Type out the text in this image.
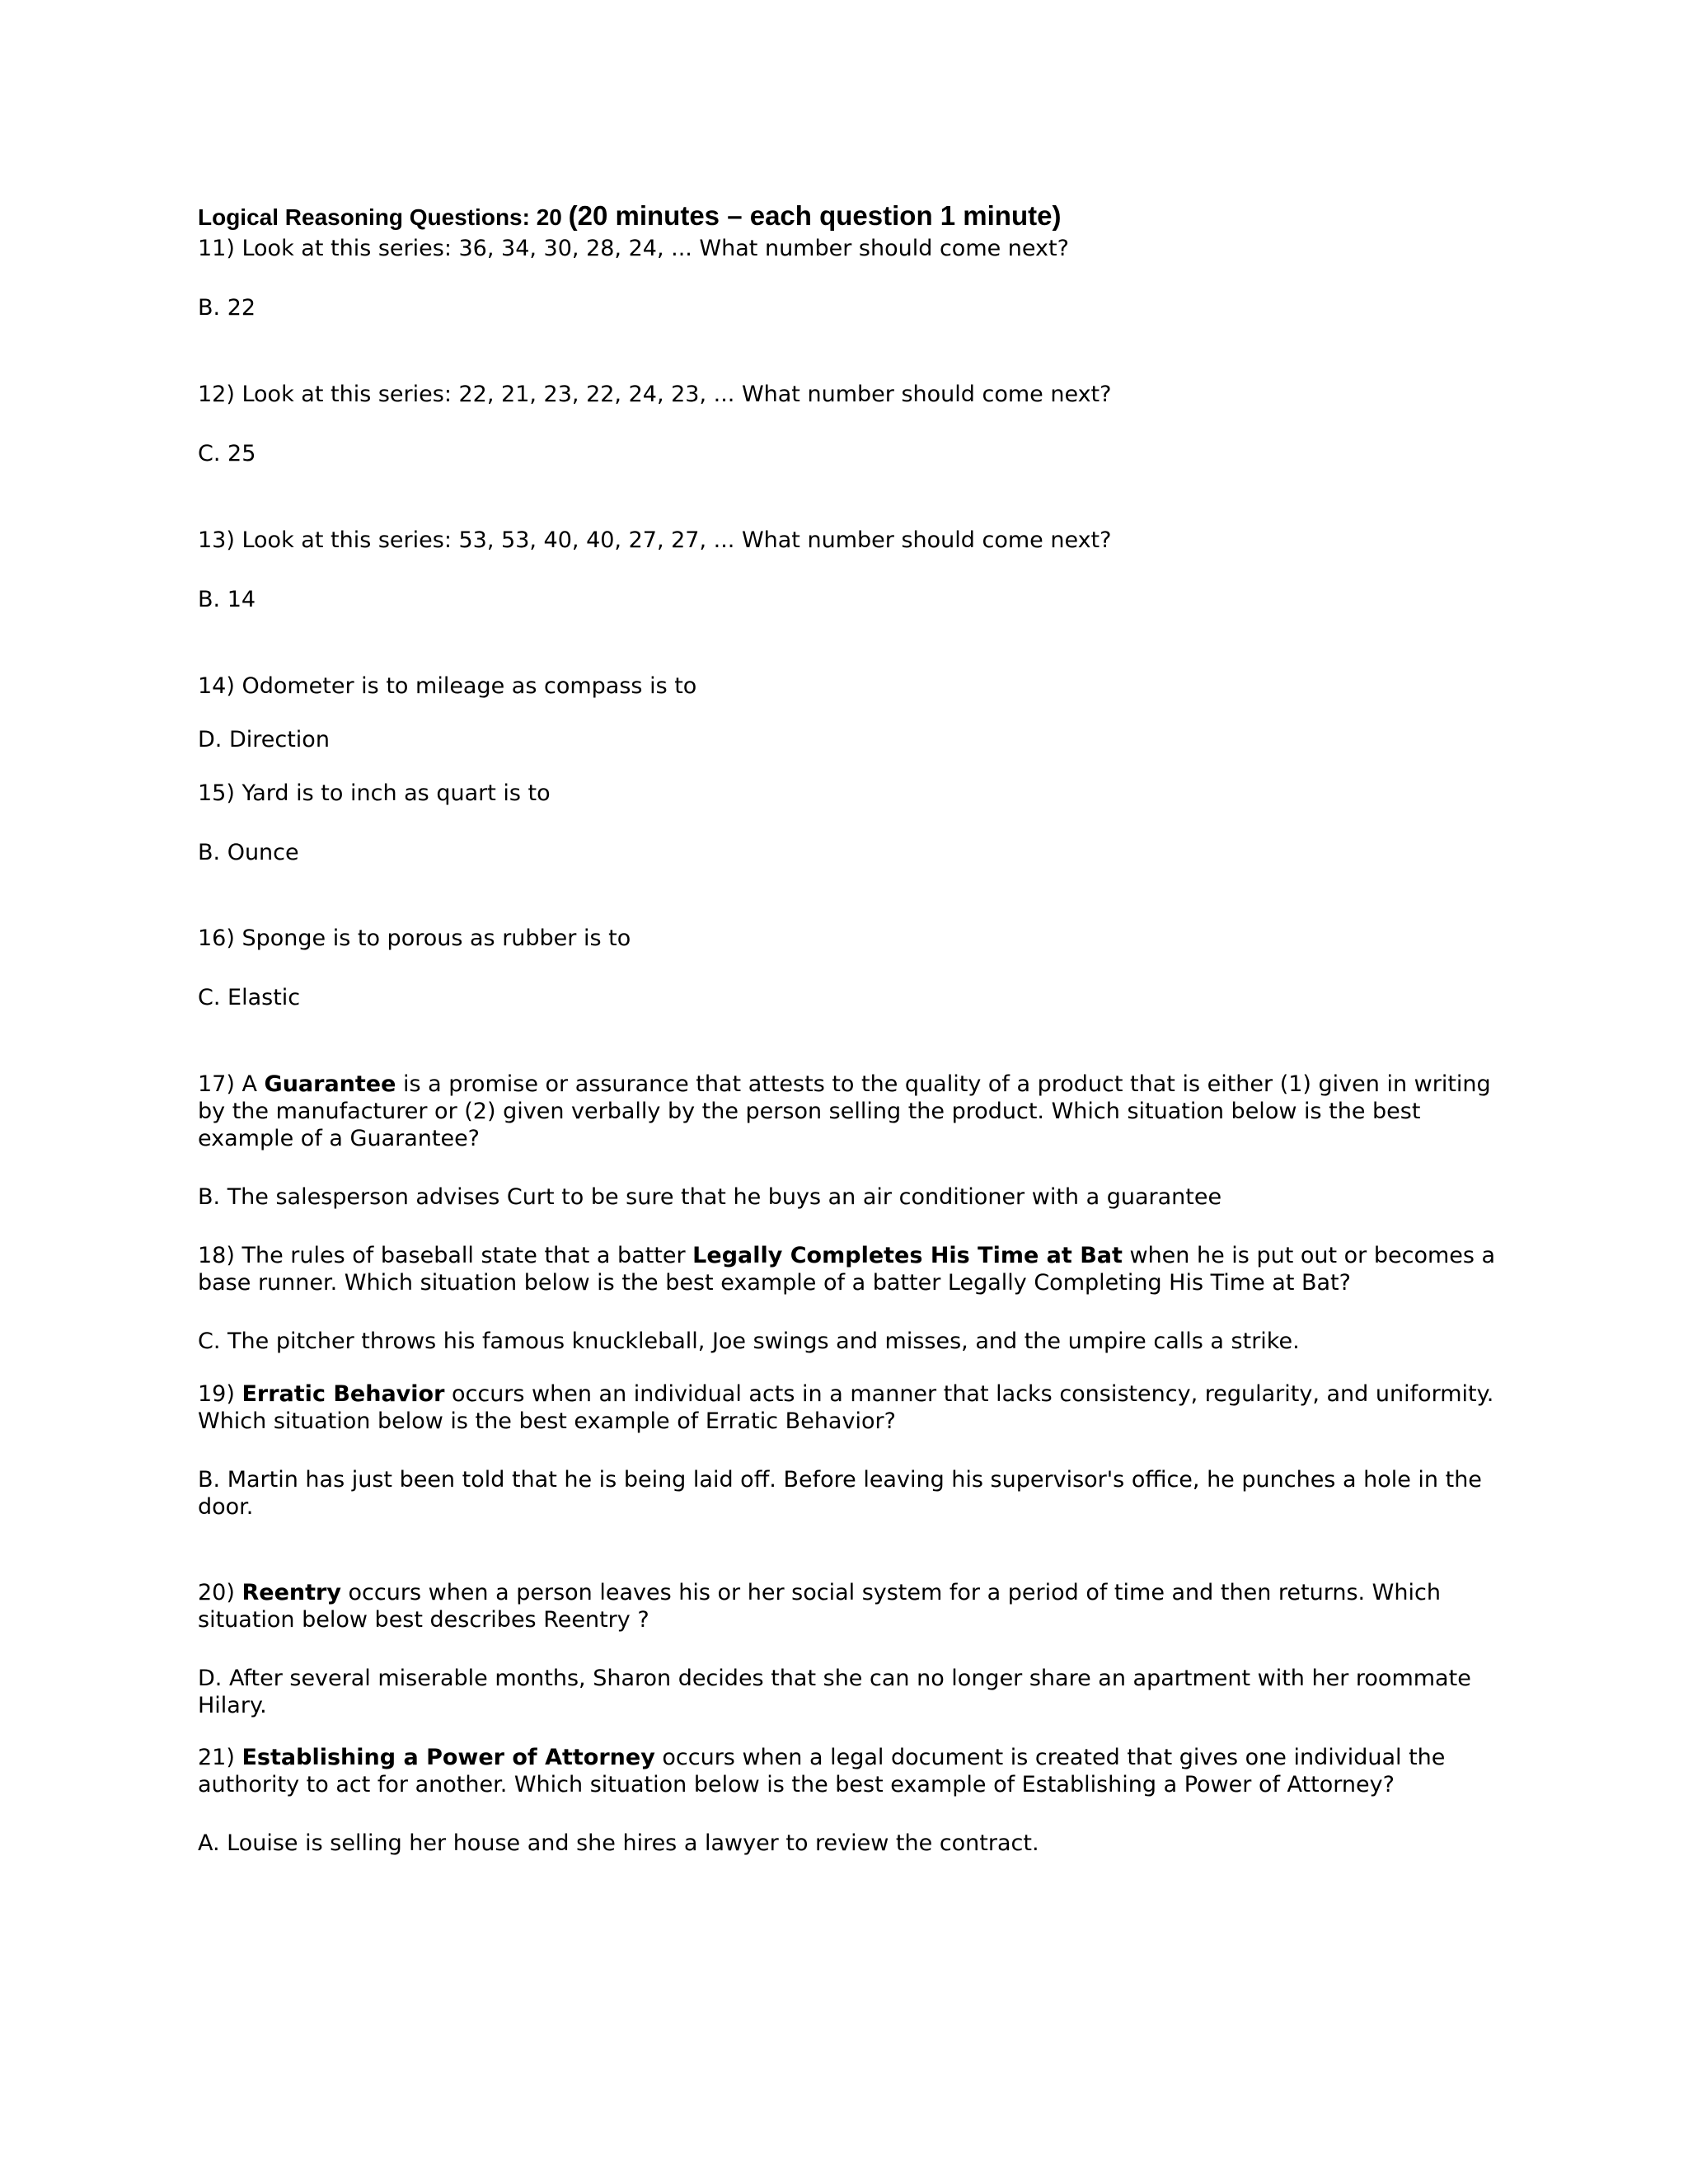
Logical Reasoning Questions: 20 (20 minutes – each question 1 minute)

11) Look at this series: 36, 34, 30, 28, 24, ... What number should come next?

B. 22

12) Look at this series: 22, 21, 23, 22, 24, 23, ... What number should come next?

C. 25

13) Look at this series: 53, 53, 40, 40, 27, 27, ... What number should come next?

B. 14

14) Odometer is to mileage as compass is to

D. Direction

15) Yard is to inch as quart is to

B. Ounce

16) Sponge is to porous as rubber is to

C. Elastic

17) A Guarantee is a promise or assurance that attests to the quality of a product that is either (1) given in writing by the manufacturer or (2) given verbally by the person selling the product. Which situation below is the best example of a Guarantee?

B. The salesperson advises Curt to be sure that he buys an air conditioner with a guarantee

18) The rules of baseball state that a batter Legally Completes His Time at Bat when he is put out or becomes a base runner. Which situation below is the best example of a batter Legally Completing His Time at Bat?

C. The pitcher throws his famous knuckleball, Joe swings and misses, and the umpire calls a strike.

19) Erratic Behavior occurs when an individual acts in a manner that lacks consistency, regularity, and uniformity. Which situation below is the best example of Erratic Behavior?

B. Martin has just been told that he is being laid off. Before leaving his supervisor's office, he punches a hole in the door.

20) Reentry occurs when a person leaves his or her social system for a period of time and then returns. Which situation below best describes Reentry ?

D. After several miserable months, Sharon decides that she can no longer share an apartment with her roommate Hilary.

21) Establishing a Power of Attorney occurs when a legal document is created that gives one individual the authority to act for another. Which situation below is the best example of Establishing a Power of Attorney?

A. Louise is selling her house and she hires a lawyer to review the contract.
